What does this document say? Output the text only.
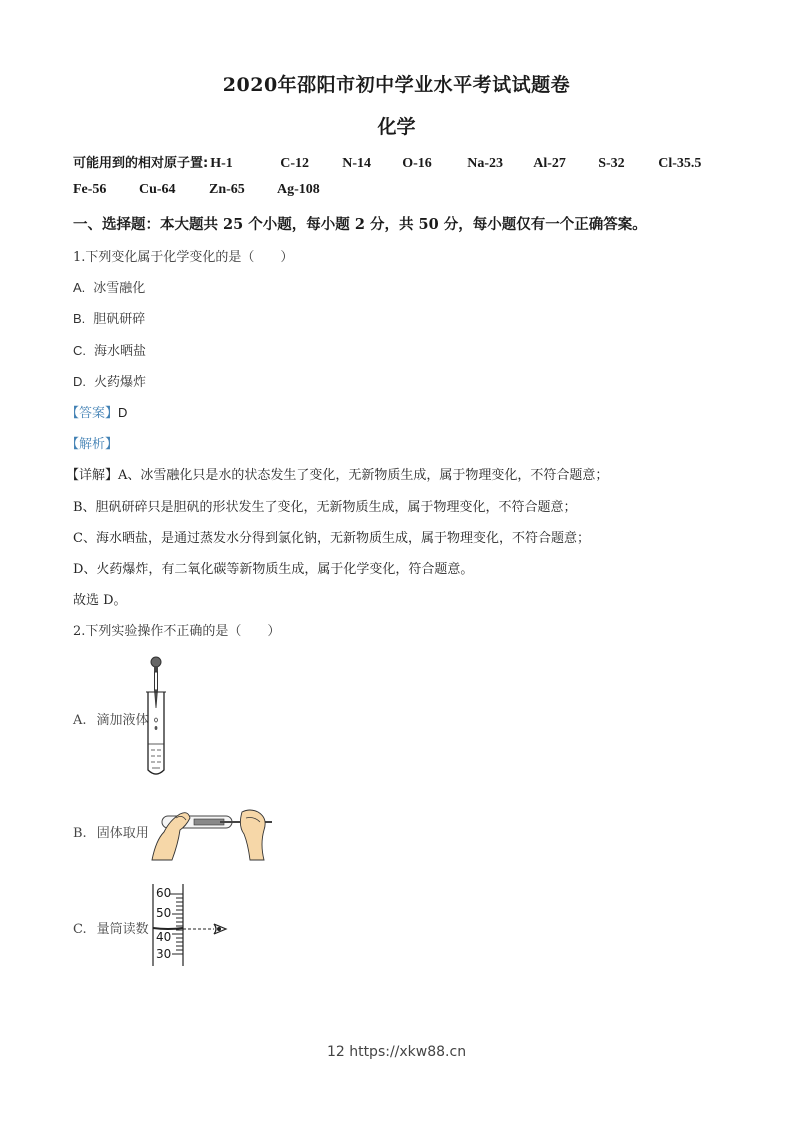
2020年邵阳市初中学业水平考试试题卷
化学
可能用到的相对原子置: H-1	C-12 N-14 O-16	Na-23 Al-27 S-32 Cl-35.5
Fe-56 Cu-64 Zn-65 Ag-108
一、选择题：本大题共 25 个小题，每小题 2 分，共 50 分，每小题仅有一个正确答案。
1.下列变化属于化学变化的是（　　）
A. 冰雪融化
B. 胆矾研碎
C. 海水晒盐
D. 火药爆炸
【答案】D
【解析】
【详解】A、冰雪融化只是水的状态发生了变化，无新物质生成，属于物理变化，不符合题意；
B、胆矾研碎只是胆矾的形状发生了变化，无新物质生成，属于物理变化，不符合题意；
C、海水晒盐，是通过蒸发水分得到氯化钠，无新物质生成，属于物理变化，不符合题意；
D、火药爆炸，有二氧化碳等新物质生成，属于化学变化，符合题意。
故选 D。
2.下列实验操作不正确的是（　　）
A. 滴加液体
B. 固体取用
C. 量筒读数
60
50
40
30
12 https://xkw88.cn
